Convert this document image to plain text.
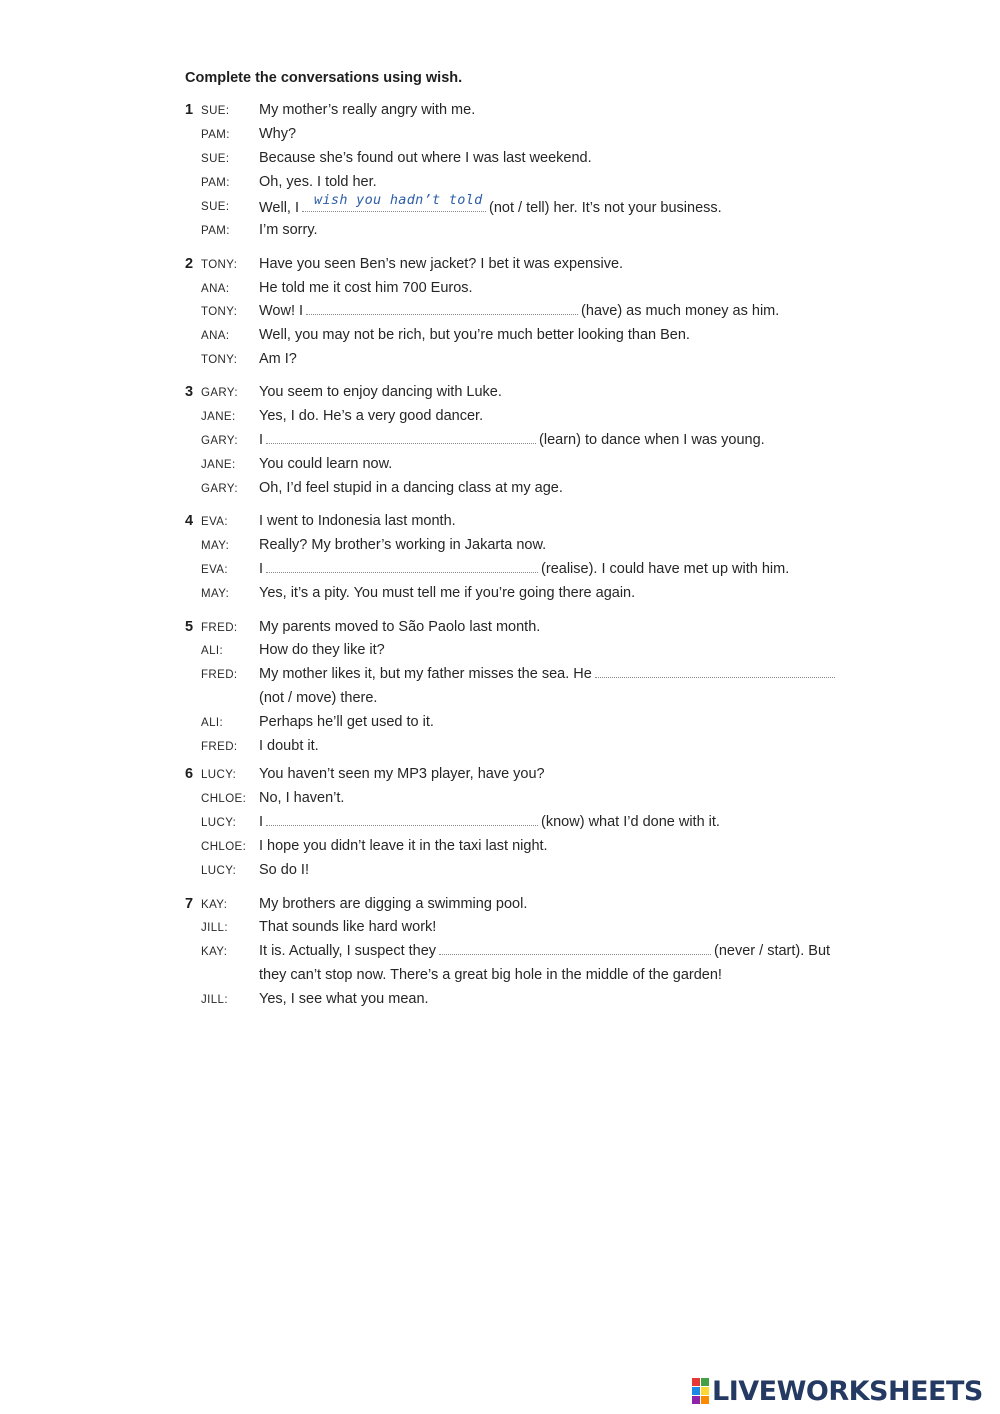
Complete the conversations using wish.
1 SUE: My mother’s really angry with me.
PAM: Why?
SUE: Because she’s found out where I was last weekend.
PAM: Oh, yes. I told her.
SUE: Well, I wish you hadn’t told (not / tell) her. It’s not your business.
PAM: I’m sorry.
2 TONY: Have you seen Ben’s new jacket? I bet it was expensive.
ANA: He told me it cost him 700 Euros.
TONY: Wow! I	(have) as much money as him.
ANA: Well, you may not be rich, but you’re much better looking than Ben.
TONY: Am I?
3 GARY: You seem to enjoy dancing with Luke.
JANE: Yes, I do. He’s a very good dancer.
GARY: I	(learn) to dance when I was young.
JANE: You could learn now.
GARY: Oh, I’d feel stupid in a dancing class at my age.
4 EVA: I went to Indonesia last month.
MAY: Really? My brother’s working in Jakarta now.
EVA: I	(realise). I could have met up with him.
MAY: Yes, it’s a pity. You must tell me if you’re going there again.
5 FRED: My parents moved to São Paolo last month.
ALI: How do they like it?
FRED: My mother likes it, but my father misses the sea. He
(not / move) there.
ALI: Perhaps he’ll get used to it.
FRED: I doubt it.
6 LUCY: You haven’t seen my MP3 player, have you?
CHLOE: No, I haven’t.
LUCY: I	(know) what I’d done with it.
CHLOE: I hope you didn’t leave it in the taxi last night.
LUCY: So do I!
7 KAY: My brothers are digging a swimming pool.
JILL: That sounds like hard work!
KAY: It is. Actually, I suspect they	(never / start). But
they can’t stop now. There’s a great big hole in the middle of the garden!
JILL: Yes, I see what you mean.
LIVEWORKSHEETS
